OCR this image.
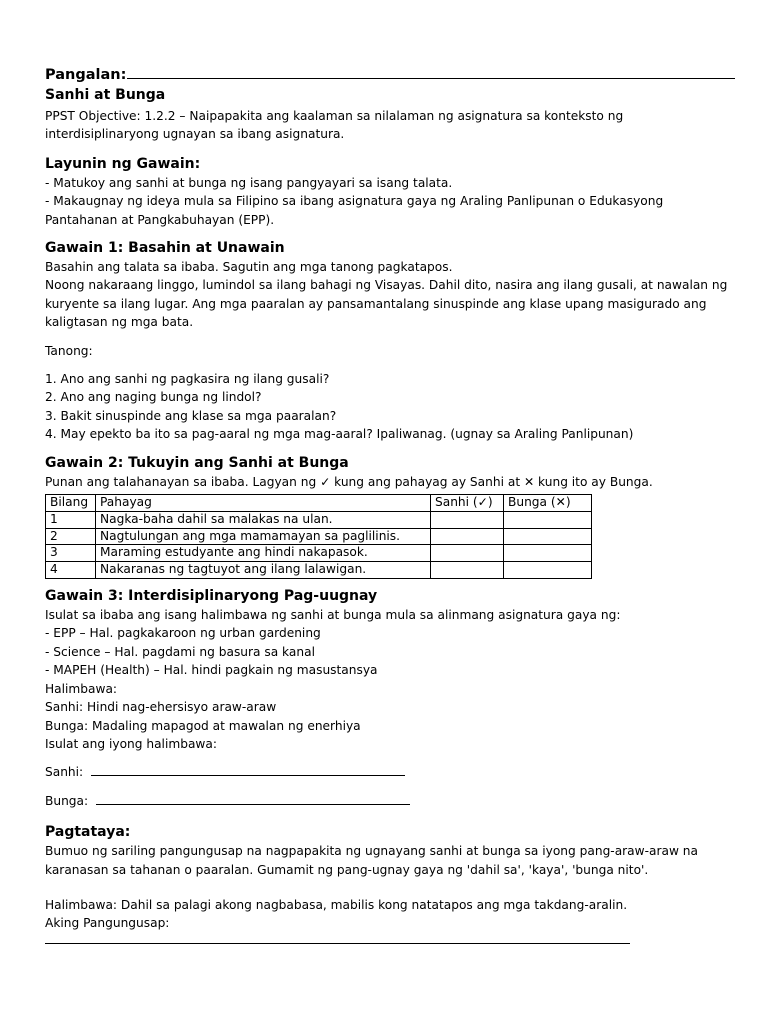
Pangalan:

Sanhi at Bunga

PPST Objective: 1.2.2 – Naipapakita ang kaalaman sa nilalaman ng asignatura sa konteksto ng

interdisiplinaryong ugnayan sa ibang asignatura.

Layunin ng Gawain:

- Matukoy ang sanhi at bunga ng isang pangyayari sa isang talata.

- Makaugnay ng ideya mula sa Filipino sa ibang asignatura gaya ng Araling Panlipunan o Edukasyong

Pantahanan at Pangkabuhayan (EPP).

Gawain 1: Basahin at Unawain

Basahin ang talata sa ibaba. Sagutin ang mga tanong pagkatapos.

Noong nakaraang linggo, lumindol sa ilang bahagi ng Visayas. Dahil dito, nasira ang ilang gusali, at nawalan ng

kuryente sa ilang lugar. Ang mga paaralan ay pansamantalang sinuspinde ang klase upang masigurado ang

kaligtasan ng mga bata.

Tanong:

1. Ano ang sanhi ng pagkasira ng ilang gusali?

2. Ano ang naging bunga ng lindol?

3. Bakit sinuspinde ang klase sa mga paaralan?

4. May epekto ba ito sa pag-aaral ng mga mag-aaral? Ipaliwanag. (ugnay sa Araling Panlipunan)

Gawain 2: Tukuyin ang Sanhi at Bunga

Punan ang talahanayan sa ibaba. Lagyan ng ✓ kung ang pahayag ay Sanhi at ✕ kung ito ay Bunga.

Bilang	Pahayag	Sanhi (✓)	Bunga (✕)
1	Nagka-baha dahil sa malakas na ulan.		
2	Nagtulungan ang mga mamamayan sa paglilinis.		
3	Maraming estudyante ang hindi nakapasok.		
4	Nakaranas ng tagtuyot ang ilang lalawigan.		

Gawain 3: Interdisiplinaryong Pag-uugnay

Isulat sa ibaba ang isang halimbawa ng sanhi at bunga mula sa alinmang asignatura gaya ng:

- EPP – Hal. pagkakaroon ng urban gardening

- Science – Hal. pagdami ng basura sa kanal

- MAPEH (Health) – Hal. hindi pagkain ng masustansya

Halimbawa:

Sanhi: Hindi nag-ehersisyo araw-araw

Bunga: Madaling mapagod at mawalan ng enerhiya

Isulat ang iyong halimbawa:

Sanhi:

Bunga:

Pagtataya:

Bumuo ng sariling pangungusap na nagpapakita ng ugnayang sanhi at bunga sa iyong pang-araw-araw na

karanasan sa tahanan o paaralan. Gumamit ng pang-ugnay gaya ng 'dahil sa', 'kaya', 'bunga nito'.

Halimbawa: Dahil sa palagi akong nagbabasa, mabilis kong natatapos ang mga takdang-aralin.

Aking Pangungusap:
